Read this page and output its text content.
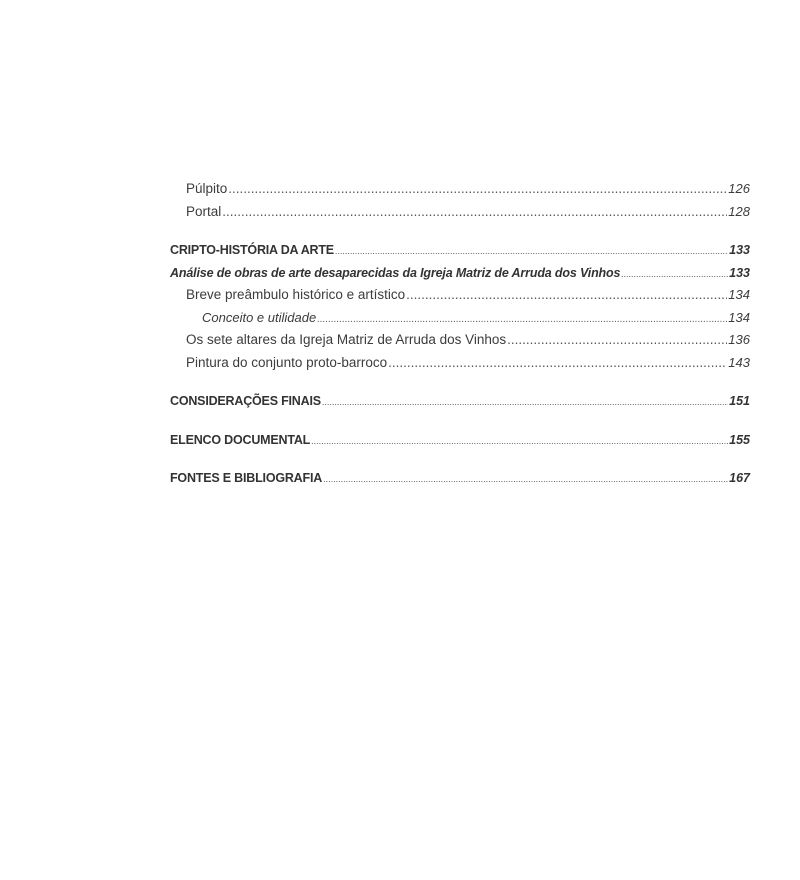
Púlpito .....	126
Portal .....	128
CRIPTO-HISTÓRIA DA ARTE .....	133
Análise de obras de arte desaparecidas da Igreja Matriz de Arruda dos Vinhos .....	133
Breve preâmbulo histórico e artístico .....	134
Conceito e utilidade .....	134
Os sete altares da Igreja Matriz de Arruda dos Vinhos .....	136
Pintura do conjunto proto-barroco .....	143
CONSIDERAÇÕES FINAIS .....	151
ELENCO DOCUMENTAL .....	155
FONTES E BIBLIOGRAFIA .....	167
